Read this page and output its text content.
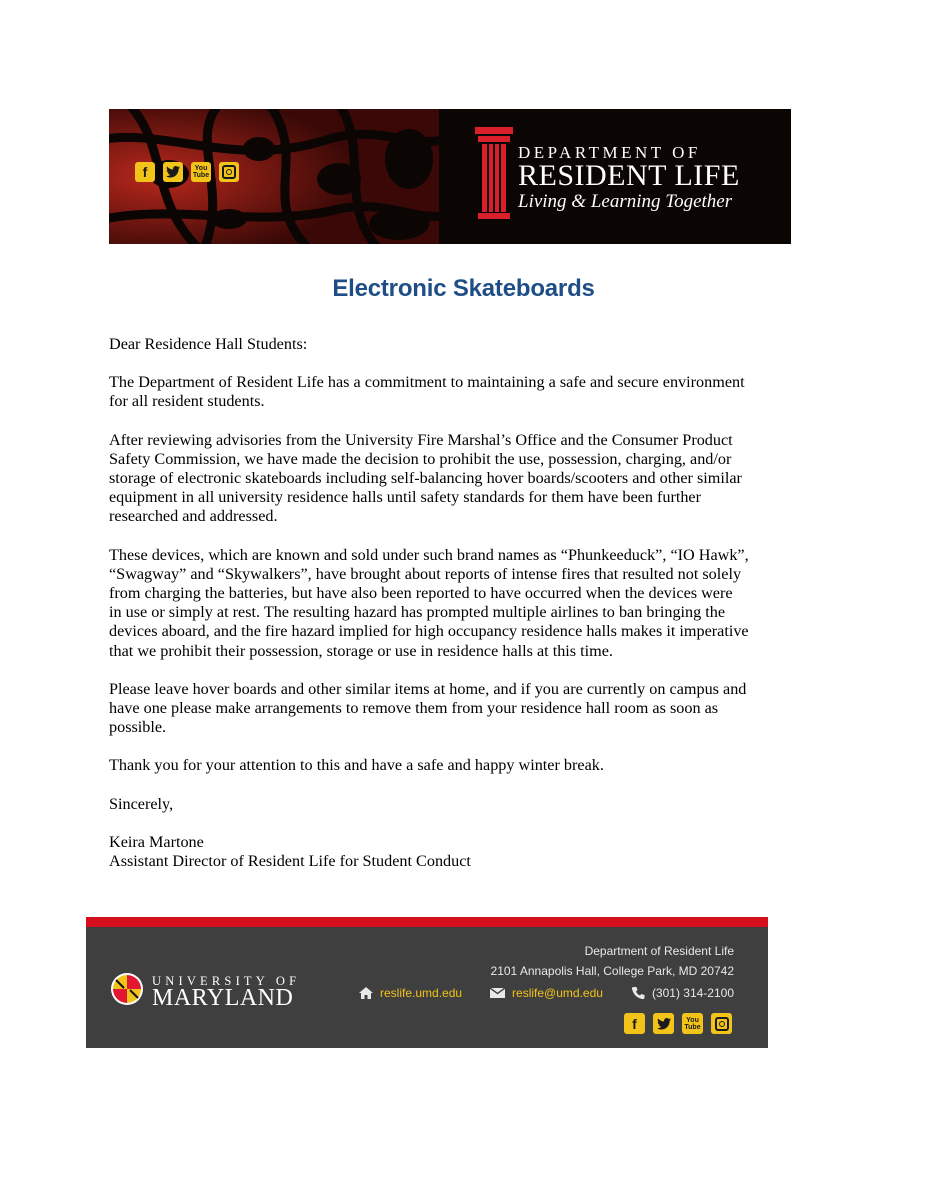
f	You
Tube
DEPARTMENT OF
RESIDENT LIFE
Living & Learning Together
Electronic Skateboards

Dear Residence Hall Students:

The Department of Resident Life has a commitment to maintaining a safe and secure environment for all resident students.

After reviewing advisories from the University Fire Marshal’s Office and the Consumer Product Safety Commission, we have made the decision to prohibit the use, possession, charging, and/or storage of electronic skateboards including self-balancing hover boards/scooters and other similar equipment in all university residence halls until safety standards for them have been further researched and addressed.

These devices, which are known and sold under such brand names as “Phunkeeduck”, “IO Hawk”, “Swagway” and “Skywalkers”, have brought about reports of intense fires that resulted not solely from charging the batteries, but have also been reported to have occurred when the devices were in use or simply at rest. The resulting hazard has prompted multiple airlines to ban bringing the devices aboard, and the fire hazard implied for high occupancy residence halls makes it imperative that we prohibit their possession, storage or use in residence halls at this time.

Please leave hover boards and other similar items at home, and if you are currently on campus and have one please make arrangements to remove them from your residence hall room as soon as possible.

Thank you for your attention to this and have a safe and happy winter break.

Sincerely,

Keira Martone

Assistant Director of Resident Life for Student Conduct

UNIVERSITY OF
MARYLAND
Department of Resident Life
2101 Annapolis Hall, College Park, MD 20742
reslife.umd.edu	reslife@umd.edu	(301) 314-2100
f	You
Tube
